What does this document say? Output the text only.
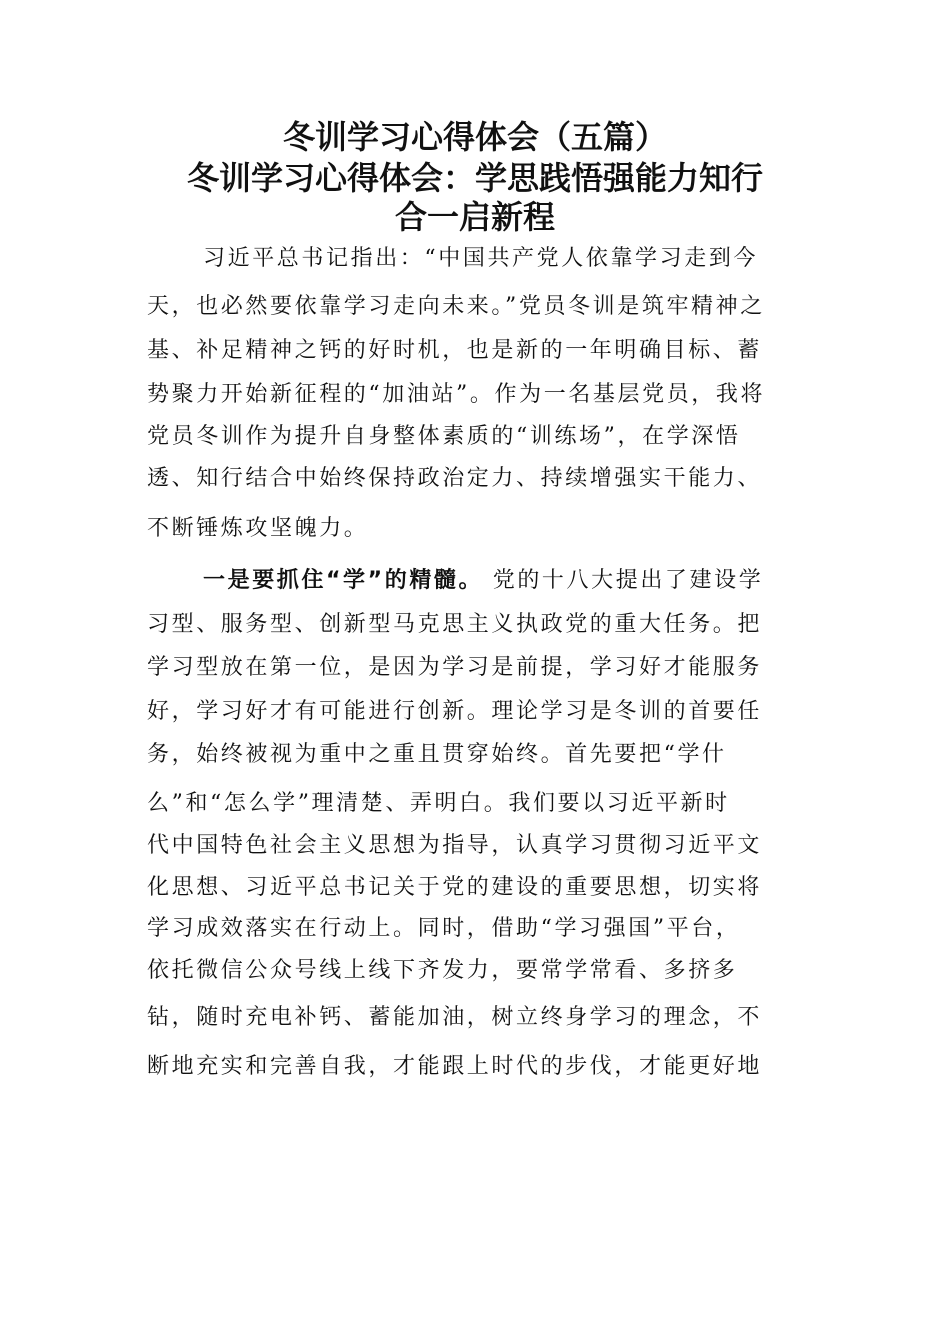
冬训学习心得体会（五篇）
冬训学习心得体会：学思践悟强能力知行
合一启新程

习近平总书记指出：“中国共产党人依靠学习走到今

天，也必然要依靠学习走向未来。”党员冬训是筑牢精神之

基、补足精神之钙的好时机，也是新的一年明确目标、蓄

势聚力开始新征程的“加油站”。作为一名基层党员，我将

党员冬训作为提升自身整体素质的“训练场”，在学深悟

透、知行结合中始终保持政治定力、持续增强实干能力、

不断锤炼攻坚魄力。

一是要抓住“学”的精髓。 党的十八大提出了建设学

习型、服务型、创新型马克思主义执政党的重大任务。把

学习型放在第一位，是因为学习是前提，学习好才能服务

好，学习好才有可能进行创新。理论学习是冬训的首要任

务，始终被视为重中之重且贯穿始终。首先要把“学什

么”和“怎么学”理清楚、弄明白。我们要以习近平新时

代中国特色社会主义思想为指导，认真学习贯彻习近平文

化思想、习近平总书记关于党的建设的重要思想，切实将

学习成效落实在行动上。同时，借助“学习强国”平台，

依托微信公众号线上线下齐发力，要常学常看、多挤多

钻，随时充电补钙、蓄能加油，树立终身学习的理念，不

断地充实和完善自我，才能跟上时代的步伐，才能更好地
